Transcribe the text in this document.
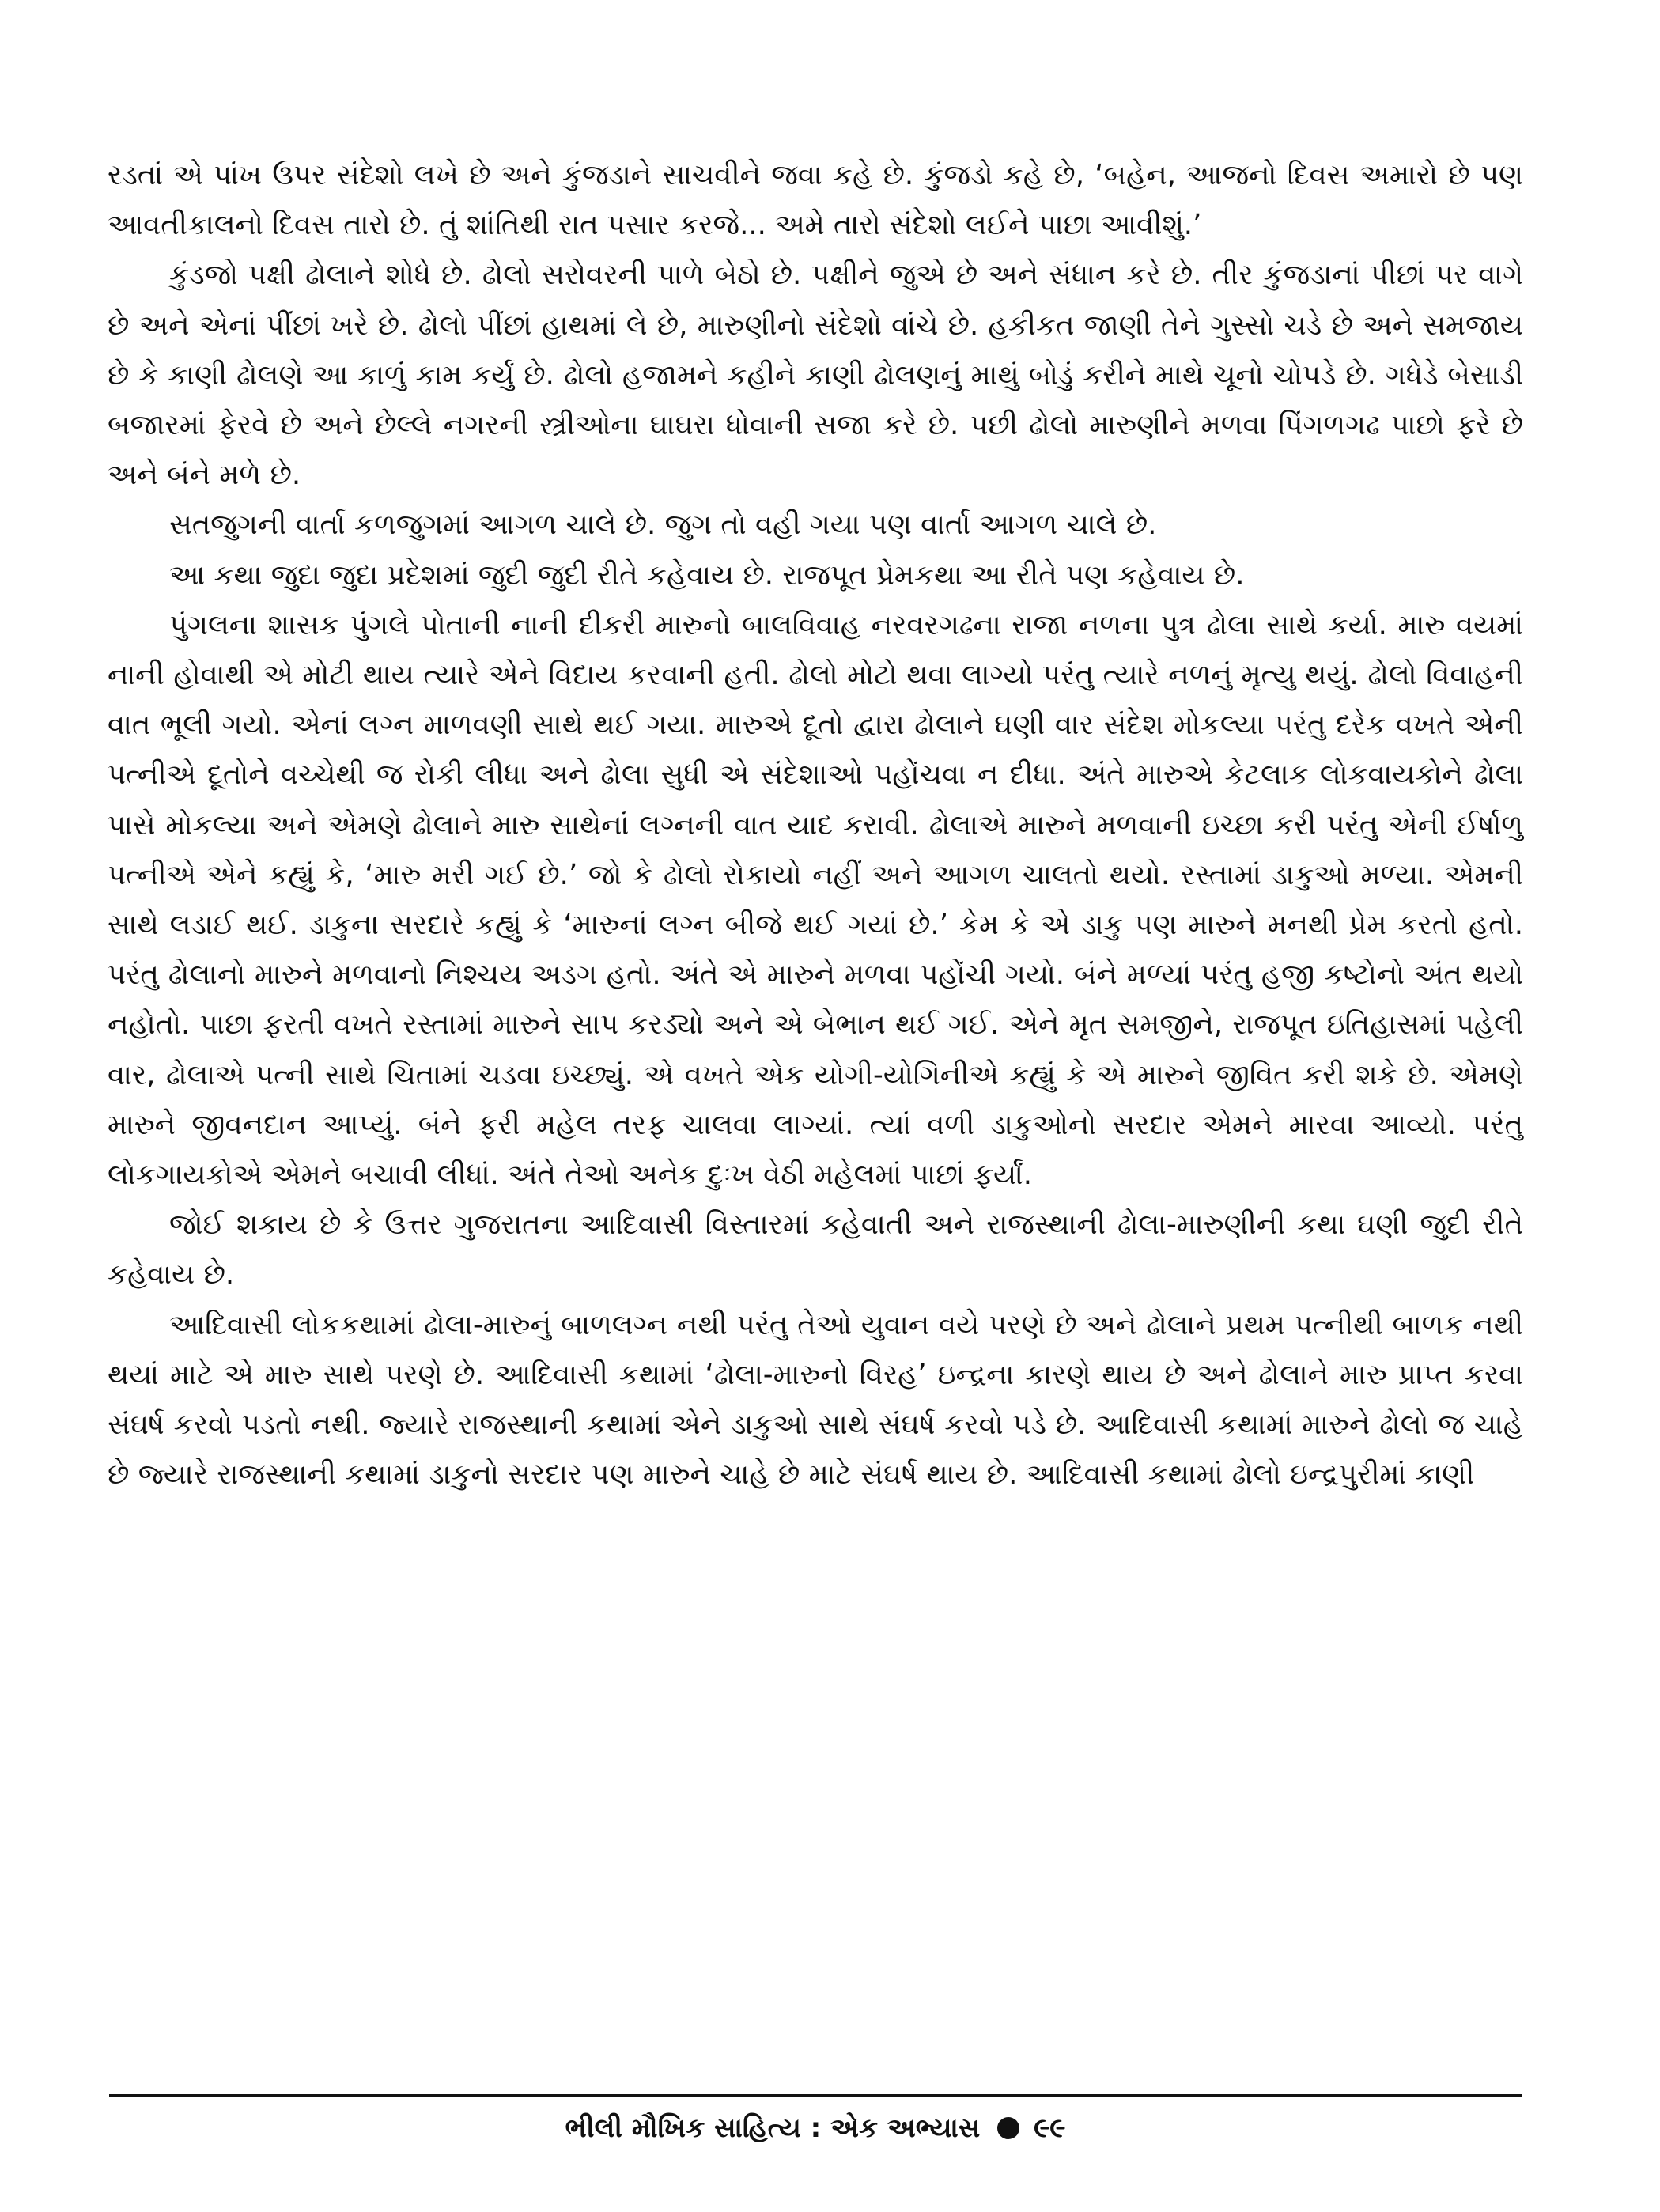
રડતાં એ પાંખ ઉપર સંદેશો લખે છે અને કુંજડાને સાચવીને જવા કહે છે. કુંજડો કહે છે, ‘બહેન, આજનો દિવસ અમારો છે પણ આવતીકાલનો દિવસ તારો છે. તું શાંતિથી રાત પસાર કરજે... અમે તારો સંદેશો લઈને પાછા આવીશું.’

કુંડજો પક્ષી ઢોલાને શોધે છે. ઢોલો સરોવરની પાળે બેઠો છે. પક્ષીને જુએ છે અને સંધાન કરે છે. તીર કુંજડાનાં પીછાં પર વાગે છે અને એનાં પીંછાં ખરે છે. ઢોલો પીંછાં હાથમાં લે છે, મારુણીનો સંદેશો વાંચે છે. હકીકત જાણી તેને ગુસ્સો ચડે છે અને સમજાય છે કે કાણી ઢોલણે આ કાળું કામ કર્યું છે. ઢોલો હજામને કહીને કાણી ઢોલણનું માથું બોડું કરીને માથે ચૂનો ચોપડે છે. ગધેડે બેસાડી બજારમાં ફેરવે છે અને છેલ્લે નગરની સ્ત્રીઓના ઘાઘરા ધોવાની સજા કરે છે. પછી ઢોલો મારુણીને મળવા પિંગળગઢ પાછો ફરે છે અને બંને મળે છે.

સતજુગની વાર્તા કળજુગમાં આગળ ચાલે છે. જુગ તો વહી ગયા પણ વાર્તા આગળ ચાલે છે.

આ કથા જુદા જુદા પ્રદેશમાં જુદી જુદી રીતે કહેવાય છે. રાજપૂત પ્રેમકથા આ રીતે પણ કહેવાય છે.

પુંગલના શાસક પુંગલે પોતાની નાની દીકરી મારુનો બાલવિવાહ નરવરગઢના રાજા નળના પુત્ર ઢોલા સાથે કર્યા. મારુ વયમાં નાની હોવાથી એ મોટી થાય ત્યારે એને વિદાય કરવાની હતી. ઢોલો મોટો થવા લાગ્યો પરંતુ ત્યારે નળનું મૃત્યુ થયું. ઢોલો વિવાહની વાત ભૂલી ગયો. એનાં લગ્ન માળવણી સાથે થઈ ગયા. મારુએ દૂતો દ્વારા ઢોલાને ઘણી વાર સંદેશ મોકલ્યા પરંતુ દરેક વખતે એની પત્નીએ દૂતોને વચ્ચેથી જ રોકી લીધા અને ઢોલા સુધી એ સંદેશાઓ પહોંચવા ન દીધા. અંતે મારુએ કેટલાક લોકવાયકોને ઢોલા પાસે મોકલ્યા અને એમણે ઢોલાને મારુ સાથેનાં લગ્નની વાત યાદ કરાવી. ઢોલાએ મારુને મળવાની ઇચ્છા કરી પરંતુ એની ઈર્ષાળુ પત્નીએ એને કહ્યું કે, ‘મારુ મરી ગઈ છે.’ જો કે ઢોલો રોકાયો નહીં અને આગળ ચાલતો થયો. રસ્તામાં ડાકુઓ મળ્યા. એમની સાથે લડાઈ થઈ. ડાકુના સરદારે કહ્યું કે ‘મારુનાં લગ્ન બીજે થઈ ગયાં છે.’ કેમ કે એ ડાકુ પણ મારુને મનથી પ્રેમ કરતો હતો. પરંતુ ઢોલાનો મારુને મળવાનો નિશ્ચય અડગ હતો. અંતે એ મારુને મળવા પહોંચી ગયો. બંને મળ્યાં પરંતુ હજી કષ્ટોનો અંત થયો નહોતો. પાછા ફરતી વખતે રસ્તામાં મારુને સાપ કરડ્યો અને એ બેભાન થઈ ગઈ. એને મૃત સમજીને, રાજપૂત ઇતિહાસમાં પહેલી વાર, ઢોલાએ પત્ની સાથે ચિતામાં ચડવા ઇચ્છ્યું. એ વખતે એક યોગી-યોગિનીએ કહ્યું કે એ મારુને જીવિત કરી શકે છે. એમણે મારુને જીવનદાન આપ્યું. બંને ફરી મહેલ તરફ ચાલવા લાગ્યાં. ત્યાં વળી ડાકુઓનો સરદાર એમને મારવા આવ્યો. પરંતુ લોકગાયકોએ એમને બચાવી લીધાં. અંતે તેઓ અનેક દુઃખ વેઠી મહેલમાં પાછાં ફર્યાં.

જોઈ શકાય છે કે ઉત્તર ગુજરાતના આદિવાસી વિસ્તારમાં કહેવાતી અને રાજસ્થાની ઢોલા-મારુણીની કથા ઘણી જુદી રીતે કહેવાય છે.

આદિવાસી લોકકથામાં ઢોલા-મારુનું બાળલગ્ન નથી પરંતુ તેઓ યુવાન વયે પરણે છે અને ઢોલાને પ્રથમ પત્નીથી બાળક નથી થયાં માટે એ મારુ સાથે પરણે છે. આદિવાસી કથામાં ‘ઢોલા-મારુનો વિરહ’ ઇન્દ્રના કારણે થાય છે અને ઢોલાને મારુ પ્રાપ્ત કરવા સંઘર્ષ કરવો પડતો નથી. જ્યારે રાજસ્થાની કથામાં એને ડાકુઓ સાથે સંઘર્ષ કરવો પડે છે. આદિવાસી કથામાં મારુને ઢોલો જ ચાહે છે જ્યારે રાજસ્થાની કથામાં ડાકુનો સરદાર પણ મારુને ચાહે છે માટે સંઘર્ષ થાય છે. આદિવાસી કથામાં ઢોલો ઇન્દ્રપુરીમાં કાણી

ભીલી મૌખિક સાહિત્ય : એક અભ્યાસ ૯૯
